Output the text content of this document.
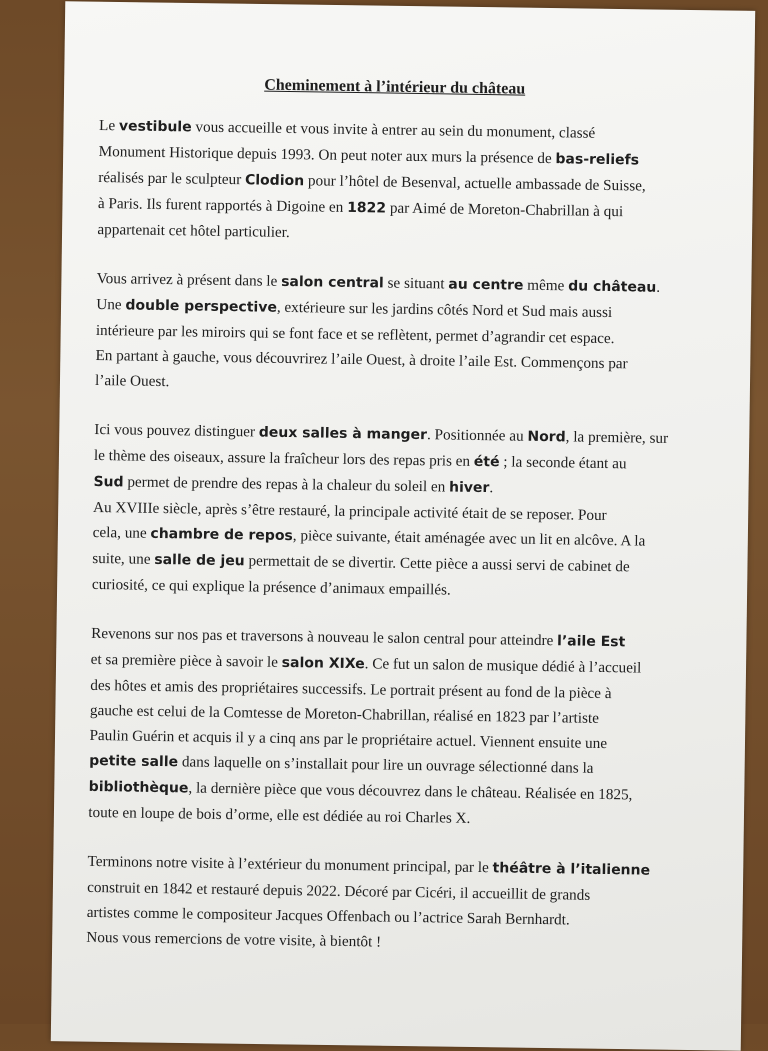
Cheminement à l’intérieur du château
Le vestibule vous accueille et vous invite à entrer au sein du monument, classé
Monument Historique depuis 1993. On peut noter aux murs la présence de bas-reliefs
réalisés par le sculpteur Clodion pour l’hôtel de Besenval, actuelle ambassade de Suisse,
à Paris. Ils furent rapportés à Digoine en 1822 par Aimé de Moreton-Chabrillan à qui
appartenait cet hôtel particulier.
Vous arrivez à présent dans le salon central se situant au centre même du château.
Une double perspective, extérieure sur les jardins côtés Nord et Sud mais aussi
intérieure par les miroirs qui se font face et se reflètent, permet d’agrandir cet espace.
En partant à gauche, vous découvrirez l’aile Ouest, à droite l’aile Est. Commençons par
l’aile Ouest.
Ici vous pouvez distinguer deux salles à manger. Positionnée au Nord, la première, sur
le thème des oiseaux, assure la fraîcheur lors des repas pris en été ; la seconde étant au
Sud permet de prendre des repas à la chaleur du soleil en hiver.
Au XVIIIe siècle, après s’être restauré, la principale activité était de se reposer. Pour
cela, une chambre de repos, pièce suivante, était aménagée avec un lit en alcôve. A la
suite, une salle de jeu permettait de se divertir. Cette pièce a aussi servi de cabinet de
curiosité, ce qui explique la présence d’animaux empaillés.
Revenons sur nos pas et traversons à nouveau le salon central pour atteindre l’aile Est
et sa première pièce à savoir le salon XIXe. Ce fut un salon de musique dédié à l’accueil
des hôtes et amis des propriétaires successifs. Le portrait présent au fond de la pièce à
gauche est celui de la Comtesse de Moreton-Chabrillan, réalisé en 1823 par l’artiste
Paulin Guérin et acquis il y a cinq ans par le propriétaire actuel. Viennent ensuite une
petite salle dans laquelle on s’installait pour lire un ouvrage sélectionné dans la
bibliothèque, la dernière pièce que vous découvrez dans le château. Réalisée en 1825,
toute en loupe de bois d’orme, elle est dédiée au roi Charles X.
Terminons notre visite à l’extérieur du monument principal, par le théâtre à l’italienne
construit en 1842 et restauré depuis 2022. Décoré par Cicéri, il accueillit de grands
artistes comme le compositeur Jacques Offenbach ou l’actrice Sarah Bernhardt.
Nous vous remercions de votre visite, à bientôt !
